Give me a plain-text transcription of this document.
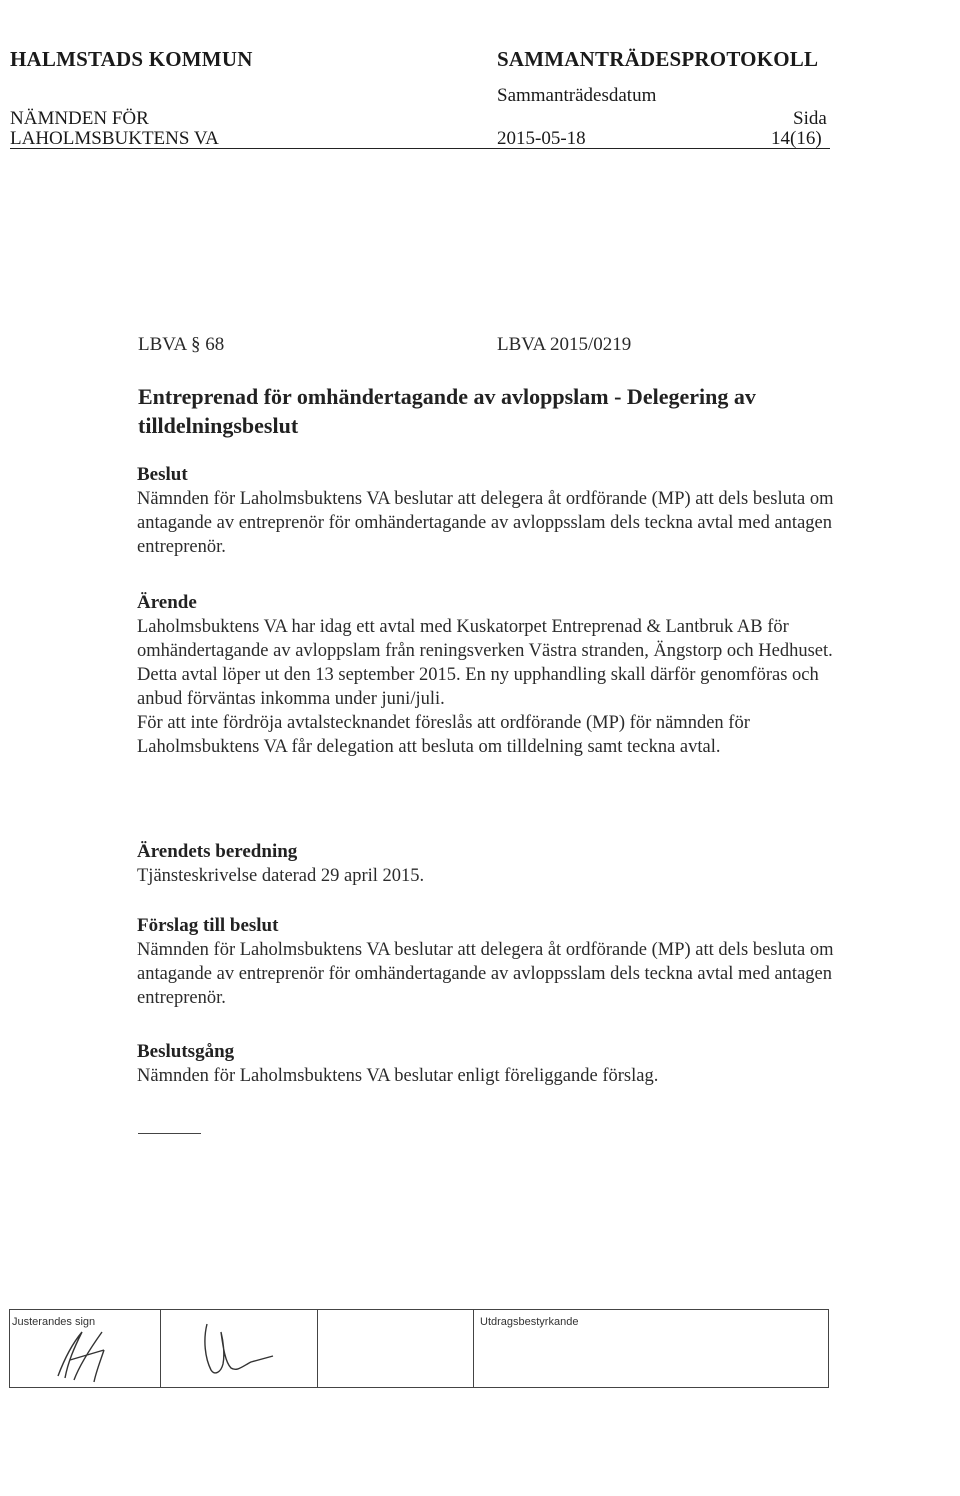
HALMSTADS KOMMUN	SAMMANTRÄDESPROTOKOLL
Sammanträdesdatum
NÄMNDEN FÖR	Sida
LAHOLMSBUKTENS VA	2015-05-18	14(16)
LBVA § 68	LBVA 2015/0219
Entreprenad för omhändertagande av avloppslam - Delegering av tilldelningsbeslut
Beslut
Nämnden för Laholmsbuktens VA beslutar att delegera åt ordförande (MP) att dels besluta om antagande av entreprenör för omhändertagande av avloppsslam dels teckna avtal med antagen entreprenör.
Ärende

Laholmsbuktens VA har idag ett avtal med Kuskatorpet Entreprenad & Lantbruk AB för omhändertagande av avloppslam från reningsverken Västra stranden, Ängstorp och Hedhuset.

Detta avtal löper ut den 13 september 2015. En ny upphandling skall därför genomföras och anbud förväntas inkomma under juni/juli.

För att inte fördröja avtalstecknandet föreslås att ordförande (MP) för nämnden för Laholmsbuktens VA får delegation att besluta om tilldelning samt teckna avtal.

Ärendets beredning
Tjänsteskrivelse daterad 29 april 2015.
Förslag till beslut
Nämnden för Laholmsbuktens VA beslutar att delegera åt ordförande (MP) att dels besluta om antagande av entreprenör för omhändertagande av avloppsslam dels teckna avtal med antagen entreprenör.
Beslutsgång
Nämnden för Laholmsbuktens VA beslutar enligt föreliggande förslag.
Justerandes sign	Utdragsbestyrkande
